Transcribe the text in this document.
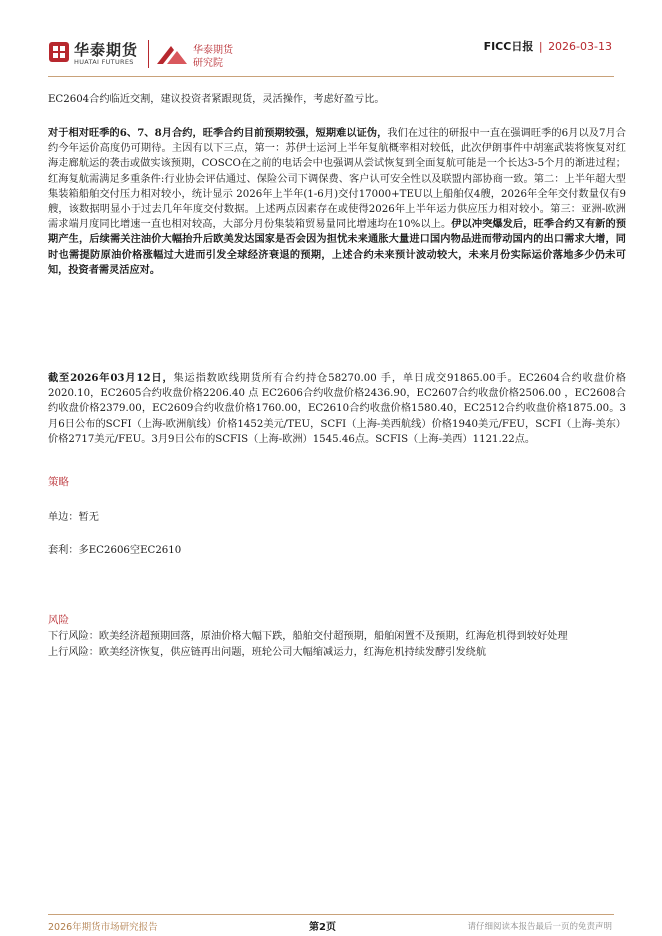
华泰期货
HUATAI FUTURES
华泰期货
研究院
FICC日报 | 2026-03-13

EC2604合约临近交割，建议投资者紧跟现货，灵活操作，考虑好盈亏比。

对于相对旺季的6、7、8月合约，旺季合约目前预期较强，短期难以证伪，我们在过往的研报中一直在强调旺季的6月以及7月合约今年运价高度仍可期待。主因有以下三点，第一：苏伊士运河上半年复航概率相对较低，此次伊朗事件中胡塞武装将恢复对红海走廊航运的袭击或做实该预期，COSCO在之前的电话会中也强调从尝试恢复到全面复航可能是一个长达3-5个月的渐进过程；红海复航需满足多重条件:行业协会评估通过、保险公司下调保费、客户认可安全性以及联盟内部协商一致。第二：上半年超大型集装箱船舶交付压力相对较小，统计显示 2026年上半年(1-6月)交付17000+TEU以上船舶仅4艘，2026年全年交付数量仅有9艘，该数据明显小于过去几年年度交付数据。上述两点因素存在或使得2026年上半年运力供应压力相对较小。第三：亚洲-欧洲需求端月度同比增速一直也相对较高，大部分月份集装箱贸易量同比增速均在10%以上。伊以冲突爆发后，旺季合约又有新的预期产生，后续需关注油价大幅抬升后欧美发达国家是否会因为担忧未来通胀大量进口国内物品进而带动国内的出口需求大增，同时也需提防原油价格涨幅过大进而引发全球经济衰退的预期，上述合约未来预计波动较大，未来月份实际运价落地多少仍未可知，投资者需灵活应对。

截至2026年03月12日，集运指数欧线期货所有合约持仓58270.00 手，单日成交91865.00手。EC2604合约收盘价格2020.10，EC2605合约收盘价格2206.40 点 EC2606合约收盘价格2436.90，EC2607合约收盘价格2506.00 ，EC2608合约收盘价格2379.00，EC2609合约收盘价格1760.00，EC2610合约收盘价格1580.40，EC2512合约收盘价格1875.00。3月6日公布的SCFI（上海-欧洲航线）价格1452美元/TEU，SCFI（上海-美西航线）价格1940美元/FEU，SCFI（上海-美东）价格2717美元/FEU。3月9日公布的SCFIS（上海-欧洲）1545.46点。SCFIS（上海-美西）1121.22点。

策略

单边：暂无

套利：多EC2606空EC2610

风险
下行风险：欧美经济超预期回落，原油价格大幅下跌，船舶交付超预期，船舶闲置不及预期，红海危机得到较好处理
上行风险：欧美经济恢复，供应链再出问题，班轮公司大幅缩减运力，红海危机持续发酵引发绕航
2026年期货市场研究报告	第2页	请仔细阅读本报告最后一页的免责声明
